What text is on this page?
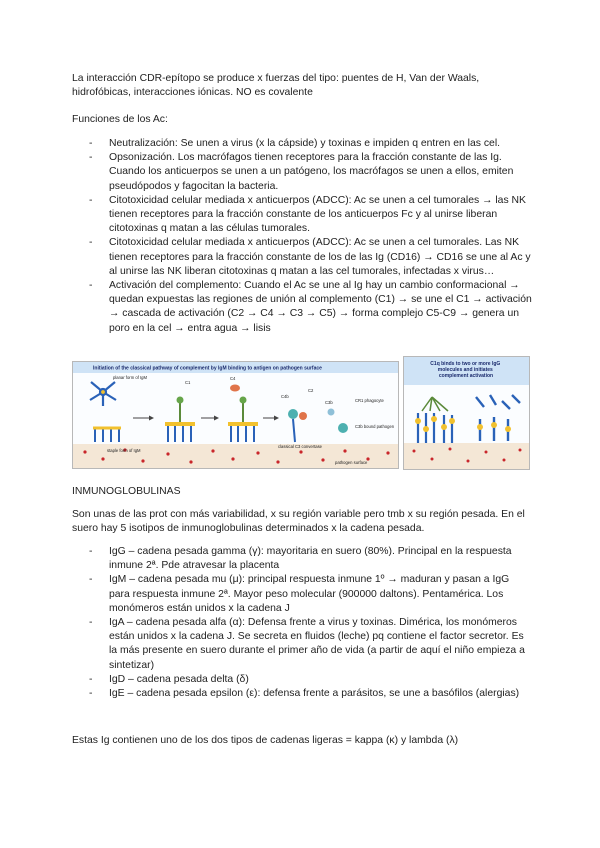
La interacción CDR-epítopo se produce x fuerzas del tipo: puentes de H, Van der Waals, hidrofóbicas, interacciones iónicas. NO es covalente

Funciones de los Ac:

- Neutralización: Se unen a virus (x la cápside) y toxinas e impiden q entren en las cel.
- Opsonización. Los macrófagos tienen receptores para la fracción constante de las Ig. Cuando los anticuerpos se unen a un patógeno, los macrófagos se unen a ellos, emiten pseudópodos y fagocitan la bacteria.
- Citotoxicidad celular mediada x anticuerpos (ADCC): Ac se unen a cel tumorales → las NK tienen receptores para la fracción constante de los anticuerpos Fc y al unirse liberan citotoxinas q matan a las células tumorales.
- Citotoxicidad celular mediada x anticuerpos (ADCC): Ac se unen a cel tumorales. Las NK tienen receptores para la fracción constante de los de las Ig (CD16) → CD16 se une al Ac y al unirse las NK liberan citotoxinas q matan a las cel tumorales, infectadas x virus…
- Activación del complemento: Cuando el Ac se une al Ig hay un cambio conformacional → quedan expuestas las regiones de unión al complemento (C1) → se une el C1 → activación → cascada de activación (C2 → C4 → C3 → C5) → forma complejo C5-C9 → genera un poro en la cel → entra agua → lisis
Initiation of the classical pathway of complement by IgM binding to antigen on pathogen surface
planar form of IgM
staple form of IgM
C1
C4
C4b
C2
classical C3 convertase
C3b	CR1 phagocyte
C3b bound pathogen
pathogen surface
C1q binds to two or more IgG molecules and initiates complement activation

INMUNOGLOBULINAS

Son unas de las prot con más variabilidad, x su región variable pero tmb x su región pesada. En el suero hay 5 isotipos de inmunoglobulinas determinados x la cadena pesada.

- IgG – cadena pesada gamma (γ): mayoritaria en suero (80%). Principal en la respuesta inmune 2ª. Pde atravesar la placenta
- IgM – cadena pesada mu (μ): principal respuesta inmune 1º → maduran y pasan a IgG para respuesta inmune 2ª. Mayor peso molecular (900000 daltons). Pentamérica. Los monómeros están unidos x la cadena J
- IgA – cadena pesada alfa (α): Defensa frente a virus y toxinas. Dimérica, los monómeros están unidos x la cadena J. Se secreta en fluidos (leche) pq contiene el factor secretor. Es la más presente en suero durante el primer año de vida (a partir de aquí el niño empieza a sintetizar)
- IgD – cadena pesada delta (δ)
- IgE – cadena pesada epsilon (ε): defensa frente a parásitos, se une a basófilos (alergias)

Estas Ig contienen uno de los dos tipos de cadenas ligeras = kappa (κ) y lambda (λ)
